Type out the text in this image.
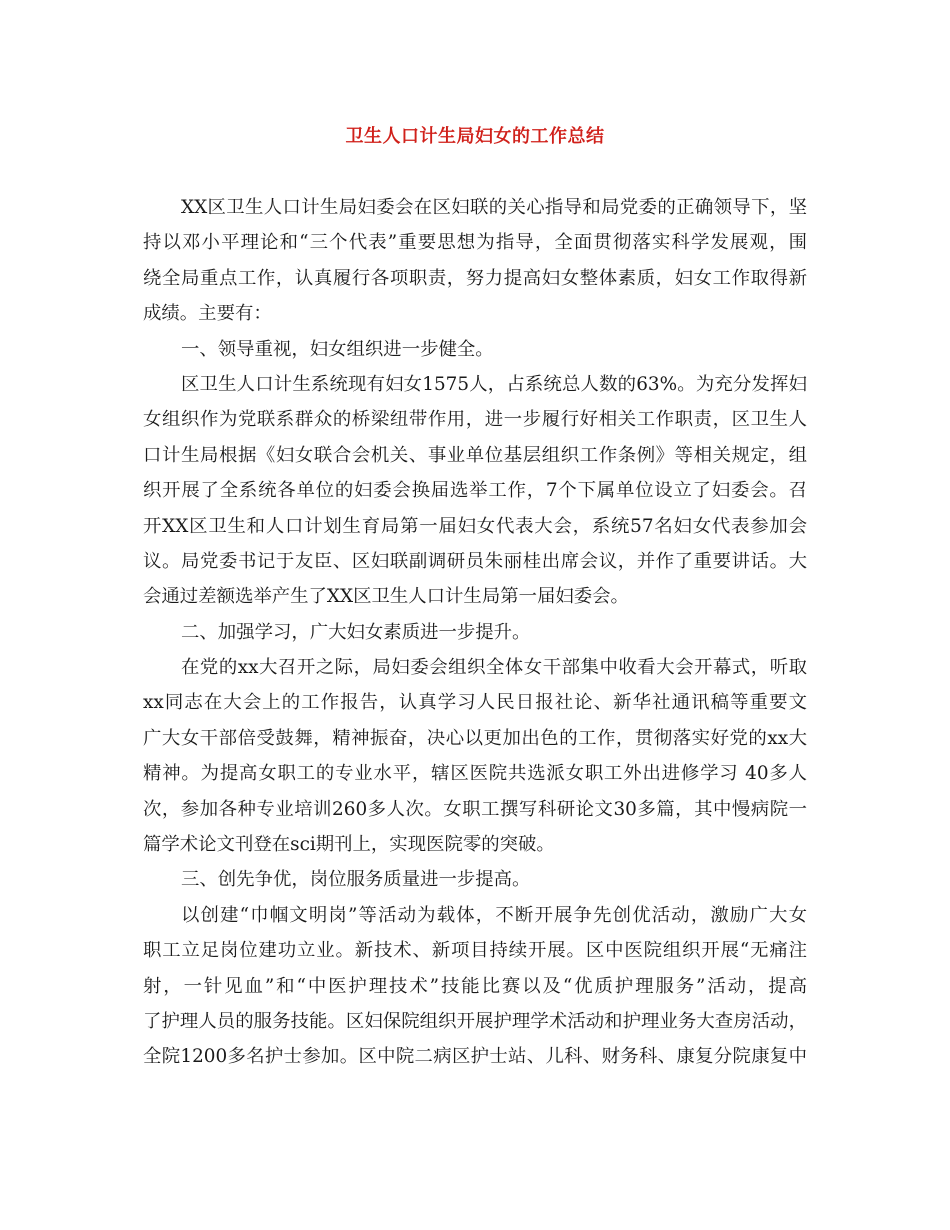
卫生人口计生局妇女的工作总结
XX区卫生人口计生局妇委会在区妇联的关心指导和局党委的正确领导下，坚
持以邓小平理论和“三个代表”重要思想为指导，全面贯彻落实科学发展观，围
绕全局重点工作，认真履行各项职责，努力提高妇女整体素质，妇女工作取得新
成绩。主要有：
一、领导重视，妇女组织进一步健全。
区卫生人口计生系统现有妇女1575人，占系统总人数的63%。为充分发挥妇
女组织作为党联系群众的桥梁纽带作用，进一步履行好相关工作职责，区卫生人
口计生局根据《妇女联合会机关、事业单位基层组织工作条例》等相关规定，组
织开展了全系统各单位的妇委会换届选举工作，7个下属单位设立了妇委会。召
开XX区卫生和人口计划生育局第一届妇女代表大会，系统57名妇女代表参加会
议。局党委书记于友臣、区妇联副调研员朱丽桂出席会议，并作了重要讲话。大
会通过差额选举产生了XX区卫生人口计生局第一届妇委会。
二、加强学习，广大妇女素质进一步提升。
在党的xx大召开之际，局妇委会组织全体女干部集中收看大会开幕式，听取
xx同志在大会上的工作报告，认真学习人民日报社论、新华社通讯稿等重要文
广大女干部倍受鼓舞，精神振奋，决心以更加出色的工作，贯彻落实好党的xx大
精神。为提高女职工的专业水平，辖区医院共选派女职工外出进修学习 40多人
次，参加各种专业培训260多人次。女职工撰写科研论文30多篇，其中慢病院一
篇学术论文刊登在sci期刊上，实现医院零的突破。
三、创先争优，岗位服务质量进一步提高。
以创建“巾帼文明岗”等活动为载体，不断开展争先创优活动，激励广大女
职工立足岗位建功立业。新技术、新项目持续开展。区中医院组织开展“无痛注
射，一针见血”和“中医护理技术”技能比赛以及“优质护理服务”活动，提高
了护理人员的服务技能。区妇保院组织开展护理学术活动和护理业务大查房活动，
全院1200多名护士参加。区中院二病区护士站、儿科、财务科、康复分院康复中
